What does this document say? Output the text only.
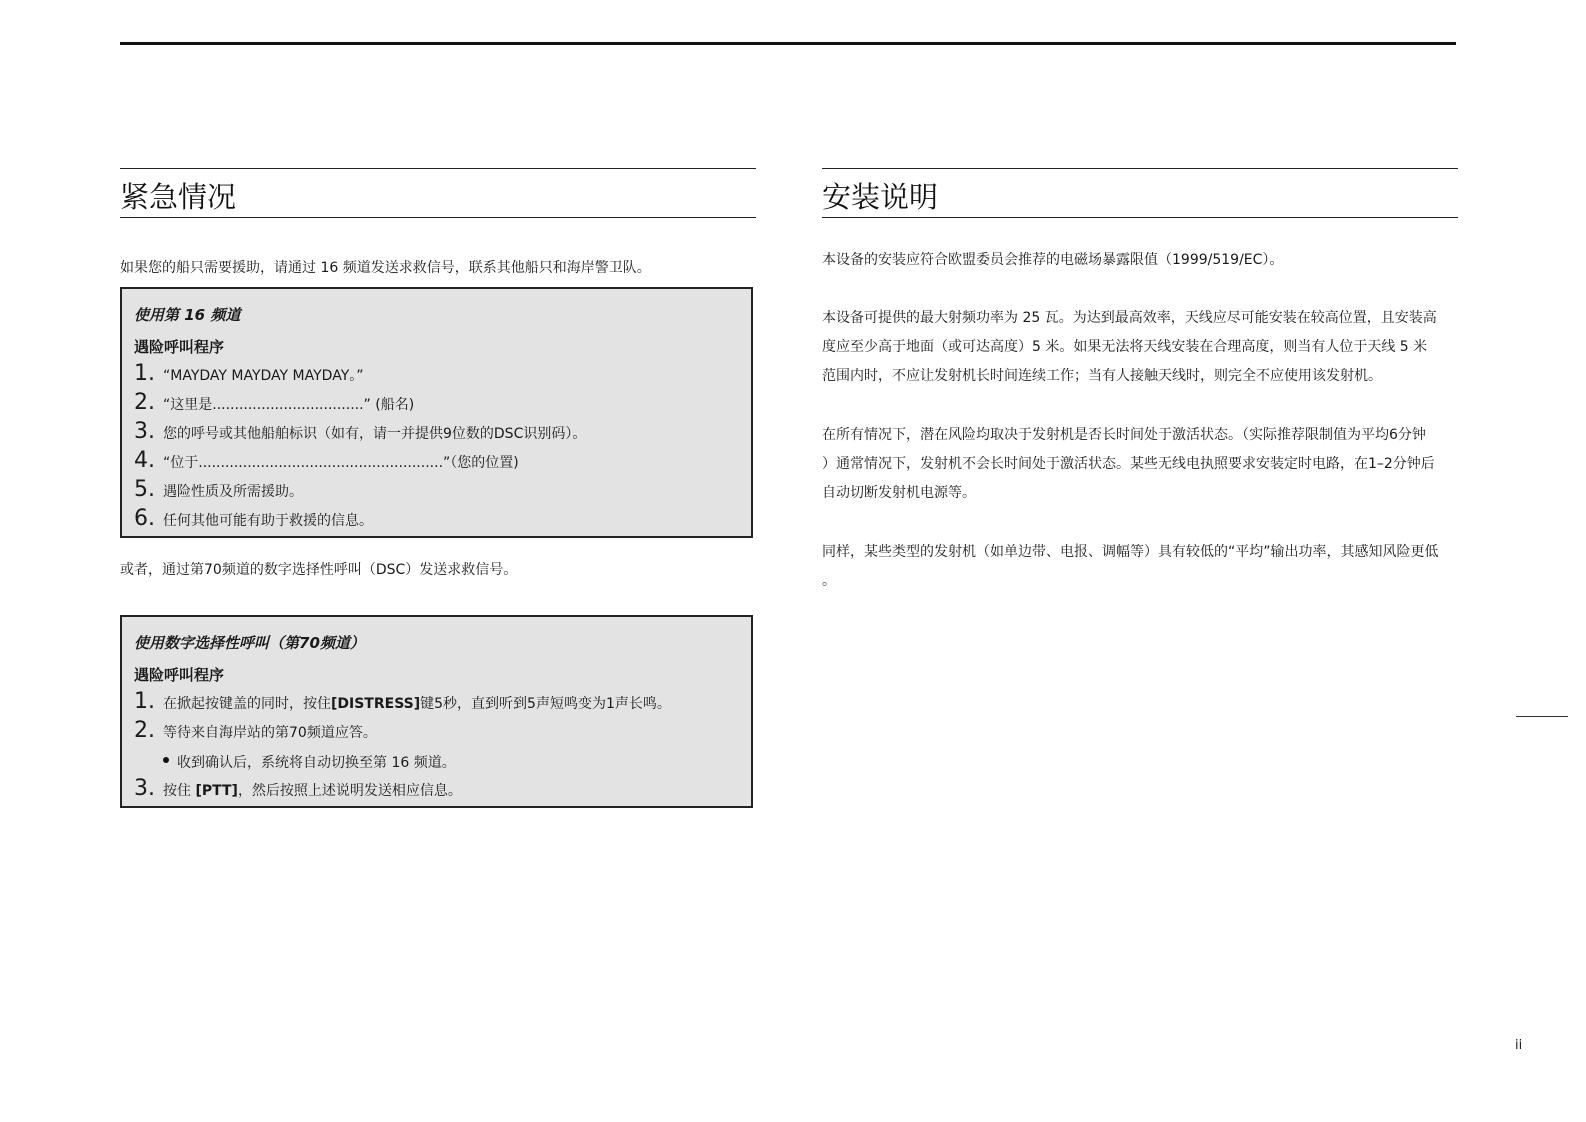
紧急情况

如果您的船只需要援助，请通过 16 频道发送求救信号，联系其他船只和海岸警卫队。

使用第 16 频道
遇险呼叫程序
1. “MAYDAY MAYDAY MAYDAY。”
2. “这里是..................................” (船名)
3. 您的呼号或其他船舶标识（如有，请一并提供9位数的DSC识别码）。
4. “位于.......................................................”（您的位置)
5. 遇险性质及所需援助。
6. 任何其他可能有助于救援的信息。

或者，通过第70频道的数字选择性呼叫（DSC）发送求救信号。

使用数字选择性呼叫（第70频道）
遇险呼叫程序
1. 在掀起按键盖的同时，按住[DISTRESS]键5秒，直到听到5声短鸣变为1声长鸣。
2. 等待来自海岸站的第70频道应答。
收到确认后，系统将自动切换至第 16 频道。
3. 按住 [PTT]，然后按照上述说明发送相应信息。
安装说明

本设备的安装应符合欧盟委员会推荐的电磁场暴露限值（1999/519/EC）。

本设备可提供的最大射频功率为 25 瓦。为达到最高效率，天线应尽可能安装在较高位置，且安装高

度应至少高于地面（或可达高度）5 米。如果无法将天线安装在合理高度，则当有人位于天线 5 米

范围内时，不应让发射机长时间连续工作；当有人接触天线时，则完全不应使用该发射机。

在所有情况下，潜在风险均取决于发射机是否长时间处于激活状态。（实际推荐限制值为平均6分钟

）通常情况下，发射机不会长时间处于激活状态。某些无线电执照要求安装定时电路，在1–2分钟后

自动切断发射机电源等。

同样，某些类型的发射机（如单边带、电报、调幅等）具有较低的“平均”输出功率，其感知风险更低

。

ii
